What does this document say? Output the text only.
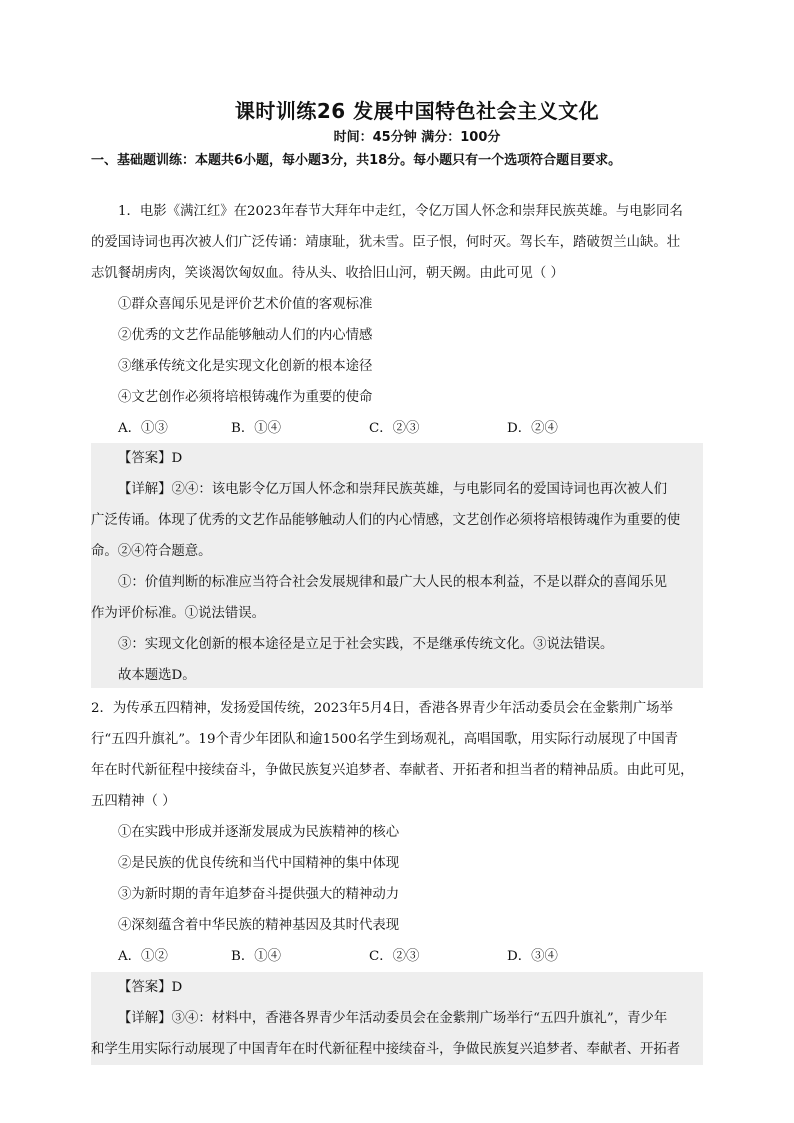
课时训练26 发展中国特色社会主义文化
时间：45分钟 满分：100分
一、基础题训练：本题共6小题，每小题3分，共18分。每小题只有一个选项符合题目要求。
1．电影《满江红》在2023年春节大拜年中走红，令亿万国人怀念和崇拜民族英雄。与电影同名
的爱国诗词也再次被人们广泛传诵：靖康耻，犹未雪。臣子恨，何时灭。驾长车，踏破贺兰山缺。壮
志饥餐胡虏肉，笑谈渴饮匈奴血。待从头、收拾旧山河，朝天阙。由此可见（ ）
①群众喜闻乐见是评价艺术价值的客观标准
②优秀的文艺作品能够触动人们的内心情感
③继承传统文化是实现文化创新的根本途径
④文艺创作必须将培根铸魂作为重要的使命
A．①③	B．①④	C．②③	D．②④
【答案】D
【详解】②④：该电影令亿万国人怀念和崇拜民族英雄，与电影同名的爱国诗词也再次被人们
广泛传诵。体现了优秀的文艺作品能够触动人们的内心情感，文艺创作必须将培根铸魂作为重要的使
命。②④符合题意。
①：价值判断的标准应当符合社会发展规律和最广大人民的根本利益，不是以群众的喜闻乐见
作为评价标准。①说法错误。
③：实现文化创新的根本途径是立足于社会实践，不是继承传统文化。③说法错误。
故本题选D。
2．为传承五四精神，发扬爱国传统，2023年5月4日，香港各界青少年活动委员会在金紫荆广场举
行“五四升旗礼”。19个青少年团队和逾1500名学生到场观礼，高唱国歌，用实际行动展现了中国青
年在时代新征程中接续奋斗，争做民族复兴追梦者、奉献者、开拓者和担当者的精神品质。由此可见，
五四精神（ ）
①在实践中形成并逐渐发展成为民族精神的核心
②是民族的优良传统和当代中国精神的集中体现
③为新时期的青年追梦奋斗提供强大的精神动力
④深刻蕴含着中华民族的精神基因及其时代表现
A．①②	B．①④	C．②③	D．③④
【答案】D
【详解】③④：材料中，香港各界青少年活动委员会在金紫荆广场举行“五四升旗礼”，青少年
和学生用实际行动展现了中国青年在时代新征程中接续奋斗，争做民族复兴追梦者、奉献者、开拓者
